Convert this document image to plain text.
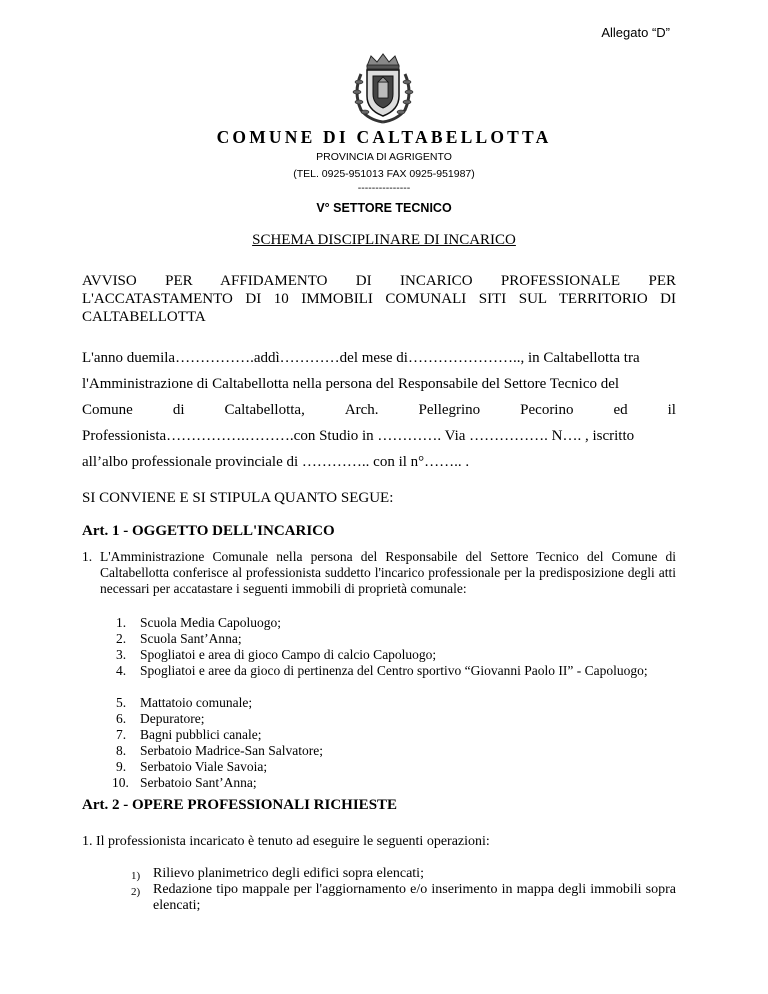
Allegato “D”
COMUNE DI CALTABELLOTTA
PROVINCIA DI AGRIGENTO
(TEL. 0925-951013 FAX 0925-951987)
---------------
V° SETTORE TECNICO
SCHEMA DISCIPLINARE DI INCARICO
AVVISO PER AFFIDAMENTO DI INCARICO PROFESSIONALE PER L'ACCATASTAMENTO DI 10 IMMOBILI COMUNALI SITI SUL TERRITORIO DI CALTABELLOTTA
L'anno duemila…………….addì…………del mese di………………….., in Caltabellotta tra
l'Amministrazione di Caltabellotta nella persona del Responsabile del Settore Tecnico del
Comune	di	Caltabellotta,	Arch.	Pellegrino	Pecorino	ed	il
Professionista…………….……….con Studio in …………. Via ……………. N…. , iscritto
all’albo professionale provinciale di ………….. con il n°…….. .
SI CONVIENE E SI STIPULA QUANTO SEGUE:
Art. 1 - OGGETTO DELL'INCARICO
1. L'Amministrazione Comunale nella persona del Responsabile del Settore Tecnico del Comune di Caltabellotta conferisce al professionista suddetto l'incarico professionale per la predisposizione degli atti necessari per accatastare i seguenti immobili di proprietà comunale:
1.	Scuola Media Capoluogo;
2.	Scuola Sant’Anna;
3.	Spogliatoi e area di gioco Campo di calcio Capoluogo;
4.	Spogliatoi e aree da gioco di pertinenza del Centro sportivo “Giovanni Paolo II” - Capoluogo;
5.	Mattatoio comunale;
6.	Depuratore;
7.	Bagni pubblici canale;
8.	Serbatoio Madrice-San Salvatore;
9.	Serbatoio Viale Savoia;
10. Serbatoio Sant’Anna;
Art. 2 - OPERE PROFESSIONALI RICHIESTE
1. Il professionista incaricato è tenuto ad eseguire le seguenti operazioni:
1) Rilievo planimetrico degli edifici sopra elencati;
2) Redazione tipo mappale per l'aggiornamento e/o inserimento in mappa degli immobili sopra elencati;
